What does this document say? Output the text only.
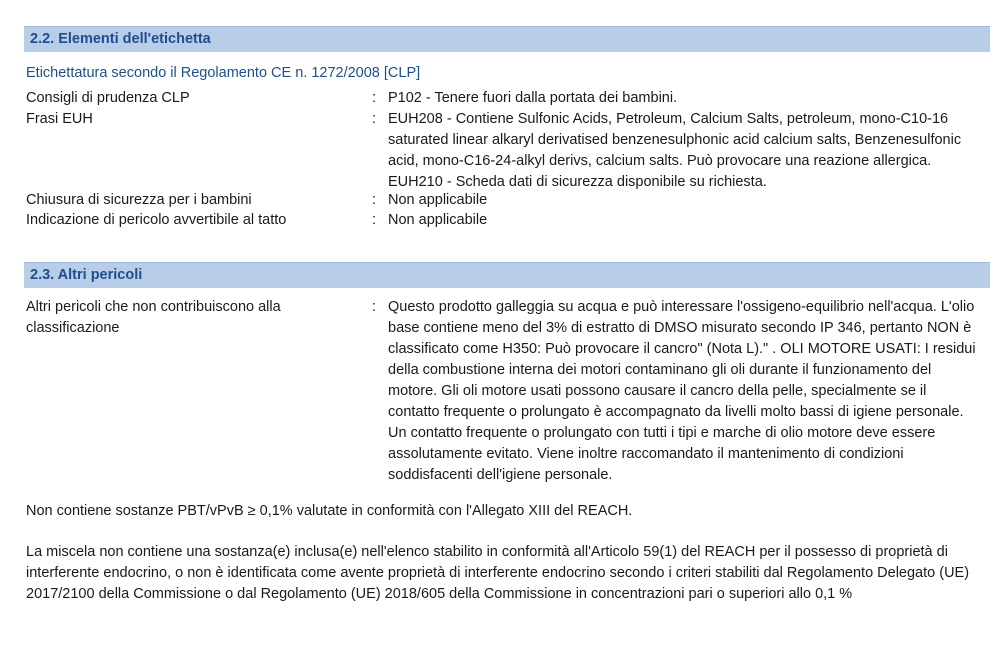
2.2. Elementi dell'etichetta
Etichettatura secondo il Regolamento CE n. 1272/2008 [CLP]
Consigli di prudenza CLP	: P102 - Tenere fuori dalla portata dei bambini.

Frasi EUH	: EUH208 - Contiene Sulfonic Acids, Petroleum, Calcium Salts, petroleum, mono-C10-16 saturated linear alkaryl derivatised benzenesulphonic acid calcium salts, Benzenesulfonic acid, mono-C16-24-alkyl derivs, calcium salts. Può provocare una reazione allergica.

EUH210 - Scheda dati di sicurezza disponibile su richiesta.

Chiusura di sicurezza per i bambini	: Non applicabile

Indicazione di pericolo avvertibile al tatto	: Non applicabile

2.3. Altri pericoli
Altri pericoli che non contribuiscono alla classificazione
: Questo prodotto galleggia su acqua e può interessare l'ossigeno-equilibrio nell'acqua. L'olio base contiene meno del 3% di estratto di DMSO misurato secondo IP 346, pertanto NON è classificato come H350: Può provocare il cancro" (Nota L)." . OLI MOTORE USATI: I residui della combustione interna dei motori contaminano gli oli durante il funzionamento del motore. Gli oli motore usati possono causare il cancro della pelle, specialmente se il contatto frequente o prolungato è accompagnato da livelli molto bassi di igiene personale. Un contatto frequente o prolungato con tutti i tipi e marche di olio motore deve essere assolutamente evitato. Viene inoltre raccomandato il mantenimento di condizioni soddisfacenti dell'igiene personale.

Non contiene sostanze PBT/vPvB ≥ 0,1% valutate in conformità con l'Allegato XIII del REACH.
La miscela non contiene una sostanza(e) inclusa(e) nell'elenco stabilito in conformità all'Articolo 59(1) del REACH per il possesso di proprietà di interferente endocrino, o non è identificata come avente proprietà di interferente endocrino secondo i criteri stabiliti dal Regolamento Delegato (UE) 2017/2100 della Commissione o dal Regolamento (UE) 2018/605 della Commissione in concentrazioni pari o superiori allo 0,1 %
